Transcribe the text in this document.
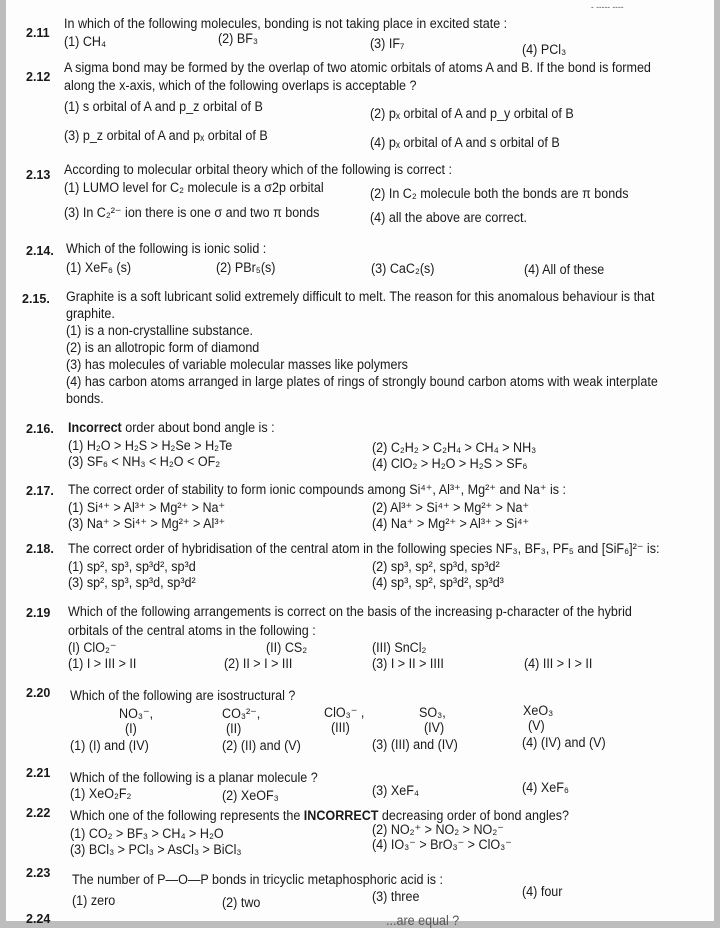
- ----- ----
2.11
In which of the following molecules, bonding is not taking place in excited state :
(1) CH₄	(2) BF₃	(3) IF₇	(4) PCl₃
2.12
A sigma bond may be formed by the overlap of two atomic orbitals of atoms A and B. If the bond is formed
along the x-axis, which of the following overlaps is acceptable ?
(1) s orbital of A and p_z orbital of B	(2) pₓ orbital of A and p_y orbital of B
(3) p_z orbital of A and pₓ orbital of B	(4) pₓ orbital of A and s orbital of B
2.13 According to molecular orbital theory which of the following is correct :
(1) LUMO level for C₂ molecule is a σ2p orbital	(2) In C₂ molecule both the bonds are π bonds
(3) In C₂²⁻ ion there is one σ and two π bonds	(4) all the above are correct.
2.14. Which of the following is ionic solid :
(1) XeF₆ (s)	(2) PBr₅(s)	(3) CaC₂(s)	(4) All of these
2.15. Graphite is a soft lubricant solid extremely difficult to melt. The reason for this anomalous behaviour is that
graphite.
(1) is a non-crystalline substance.
(2) is an allotropic form of diamond
(3) has molecules of variable molecular masses like polymers
(4) has carbon atoms arranged in large plates of rings of strongly bound carbon atoms with weak interplate
bonds.
2.16. Incorrect order about bond angle is :
(1) H₂O > H₂S > H₂Se > H₂Te	(2) C₂H₂ > C₂H₄ > CH₄ > NH₃
(3) SF₆ < NH₃ < H₂O < OF₂	(4) ClO₂ > H₂O > H₂S > SF₆
2.17. The correct order of stability to form ionic compounds among Si⁴⁺, Al³⁺, Mg²⁺ and Na⁺ is :
(1) Si⁴⁺ > Al³⁺ > Mg²⁺ > Na⁺	(2) Al³⁺ > Si⁴⁺ > Mg²⁺ > Na⁺
(3) Na⁺ > Si⁴⁺ > Mg²⁺ > Al³⁺	(4) Na⁺ > Mg²⁺ > Al³⁺ > Si⁴⁺
2.18. The correct order of hybridisation of the central atom in the following species NF₃, BF₃, PF₅ and [SiF₆]²⁻ is:
(1) sp², sp³, sp³d², sp³d	(2) sp³, sp², sp³d, sp³d²
(3) sp², sp³, sp³d, sp³d²	(4) sp³, sp², sp³d², sp³d³
2.19 Which of the following arrangements is correct on the basis of the increasing p-character of the hybrid
orbitals of the central atoms in the following :
(I) ClO₂⁻	(II) CS₂	(III) SnCl₂
(1) I > III > II	(2) II > I > III	(3) I > II > IIII	(4) III > I > II
2.20 Which of the following are isostructural ?
NO₃⁻,	CO₃²⁻,	ClO₃⁻ ,	SO₃,	XeO₃
(I)	(II)	(III)	(IV)	(V)
(1) (I) and (IV)	(2) (II) and (V)	(3) (III) and (IV)	(4) (IV) and (V)
2.21 Which of the following is a planar molecule ?
(1) XeO₂F₂	(2) XeOF₃	(3) XeF₄	(4) XeF₆
2.22 Which one of the following represents the INCORRECT decreasing order of bond angles?
(1) CO₂ > BF₃ > CH₄ > H₂O	(2) NO₂⁺ > NO₂ > NO₂⁻
(3) BCl₃ > PCl₃ > AsCl₃ > BiCl₃	(4) IO₃⁻ > BrO₃⁻ > ClO₃⁻
2.23 The number of P—O—P bonds in tricyclic metaphosphoric acid is :
(1) zero	(2) two	(3) three	(4) four
2.24	...are equal ?
